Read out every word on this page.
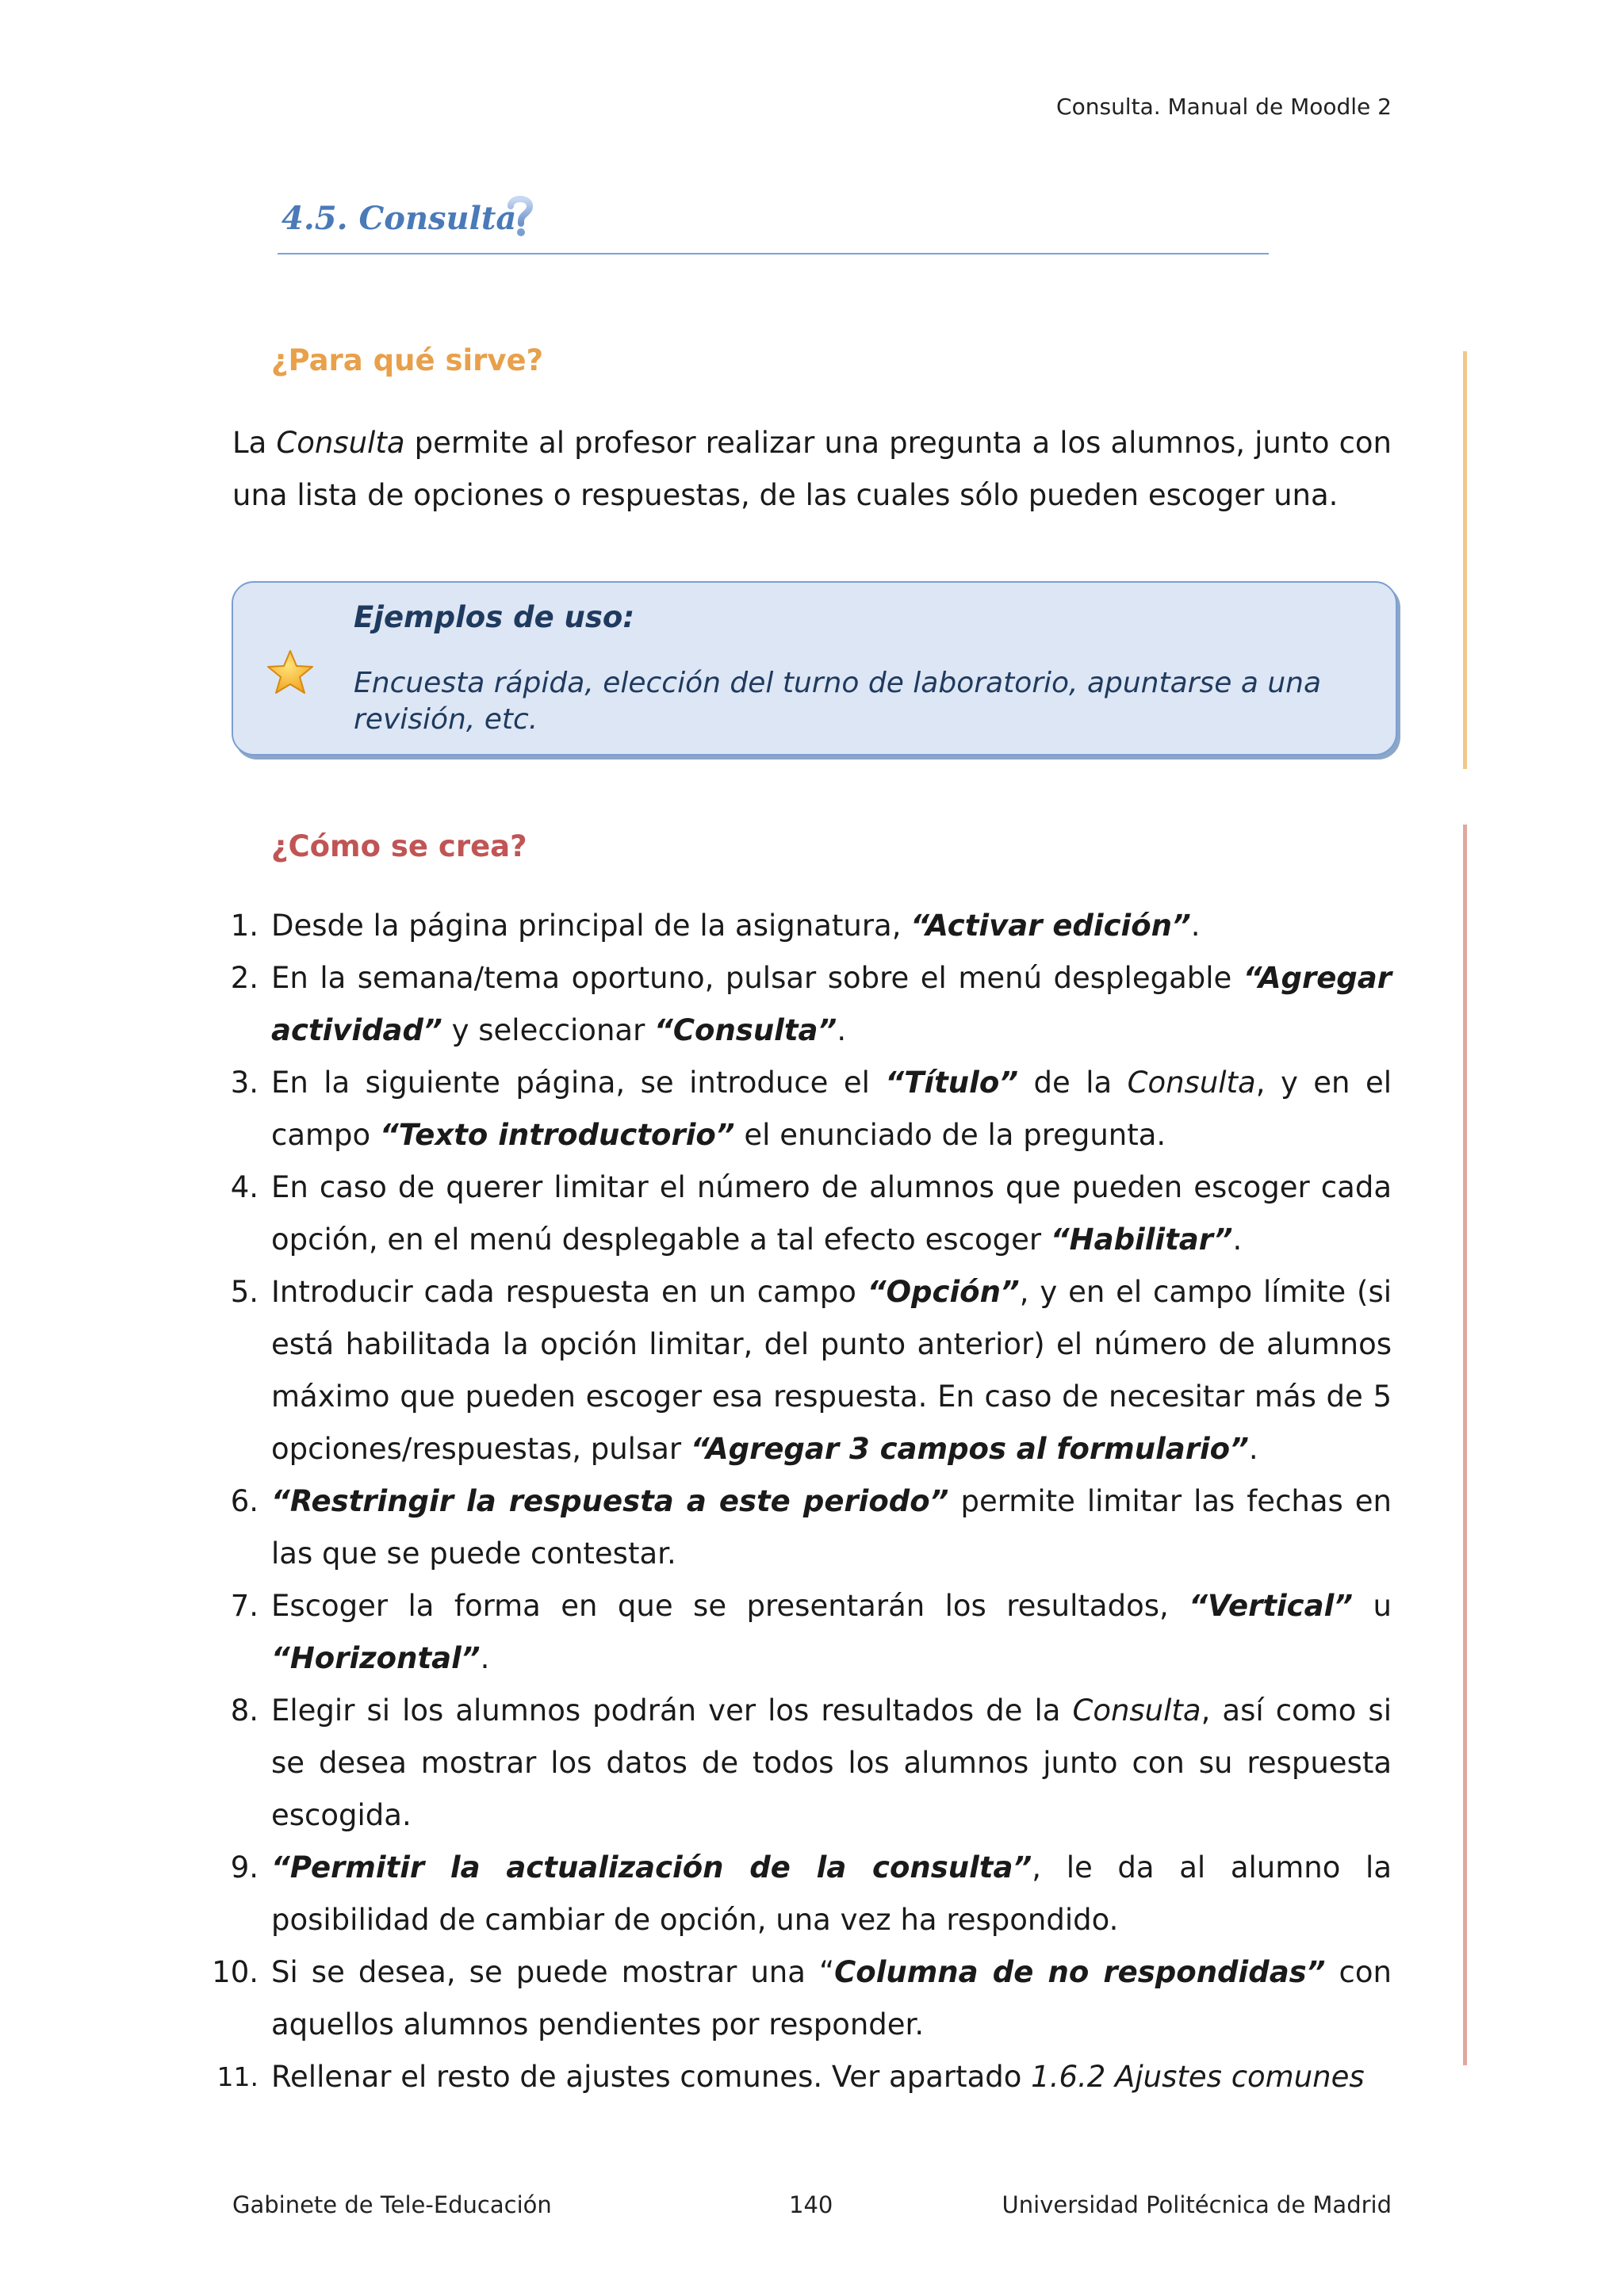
Consulta. Manual de Moodle 2
4.5. Consulta
¿Para qué sirve?

La Consulta permite al profesor realizar una pregunta a los alumnos, junto con una lista de opciones o respuestas, de las cuales sólo pueden escoger una.

Ejemplos de uso:
Encuesta rápida, elección del turno de laboratorio, apuntarse a una revisión, etc.
¿Cómo se crea?
1. Desde la página principal de la asignatura, “Activar edición”.
2. En la semana/tema oportuno, pulsar sobre el menú desplegable “Agregar actividad” y seleccionar “Consulta”.
3. En la siguiente página, se introduce el “Título” de la Consulta, y en el campo “Texto introductorio” el enunciado de la pregunta.
4. En caso de querer limitar el número de alumnos que pueden escoger cada opción, en el menú desplegable a tal efecto escoger “Habilitar”.
5. Introducir cada respuesta en un campo “Opción”, y en el campo límite (si está habilitada la opción limitar, del punto anterior) el número de alumnos máximo que pueden escoger esa respuesta. En caso de necesitar más de 5 opciones/respuestas, pulsar “Agregar 3 campos al formulario”.
6. “Restringir la respuesta a este periodo” permite limitar las fechas en las que se puede contestar.
7. Escoger la forma en que se presentarán los resultados, “Vertical” u “Horizontal”.
8. Elegir si los alumnos podrán ver los resultados de la Consulta, así como si se desea mostrar los datos de todos los alumnos junto con su respuesta escogida.
9. “Permitir la actualización de la consulta”, le da al alumno la posibilidad de cambiar de opción, una vez ha respondido.
10. Si se desea, se puede mostrar una “Columna de no respondidas” con aquellos alumnos pendientes por responder.
11. Rellenar el resto de ajustes comunes. Ver apartado 1.6.2 Ajustes comunes
Gabinete de Tele-Educación	140	Universidad Politécnica de Madrid
